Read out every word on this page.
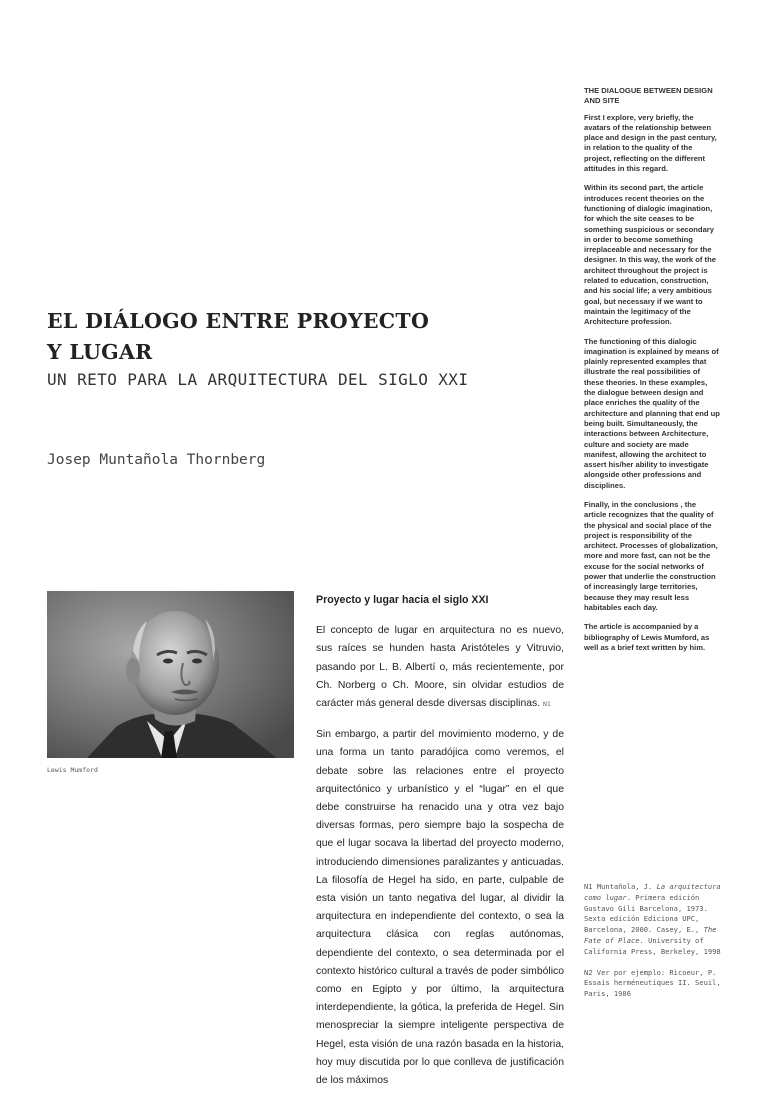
THE DIALOGUE BETWEEN DESIGN AND SITE

First I explore, very briefly, the avatars of the relationship between place and design in the past century, in relation to the quality of the project, reflecting on the different attitudes in this regard.

Within its second part, the article introduces recent theories on the functioning of dialogic imagination, for which the site ceases to be something suspicious or secondary in order to become something irreplaceable and necessary for the designer. In this way, the work of the architect throughout the project is related to education, construction, and his social life; a very ambitious goal, but necessary if we want to maintain the legitimacy of the Architecture profession.

The functioning of this dialogic imagination is explained by means of plainly represented examples that illustrate the real possibilities of these theories. In these examples, the dialogue between design and place enriches the quality of the architecture and planning that end up being built. Simultaneously, the interactions between Architecture, culture and society are made manifest, allowing the architect to assert his/her ability to investigate alongside other professions and disciplines.

Finally, in the conclusions , the article recognizes that the quality of the physical and social place of the project is responsibility of the architect. Processes of globalization, more and more fast, can not be the excuse for the social networks of power that underlie the construction of increasingly large territories, because they may result less habitables each day.

The article is accompanied by a bibliography of Lewis Mumford, as well as a brief text written by him.

EL DIÁLOGO ENTRE PROYECTO
Y LUGAR
UN RETO PARA LA ARQUITECTURA DEL SIGLO XXI
Josep Muntañola Thornberg
Lewis Mumford
Proyecto y lugar hacia el siglo XXI

El concepto de lugar en arquitectura no es nuevo, sus raíces se hunden hasta Aristóteles y Vitruvio, pasando por L. B. Albertí o, más recientemente, por Ch. Norberg o Ch. Moore, sin olvidar estudios de carácter más general desde diversas disciplinas. N1

Sin embargo, a partir del movimiento moderno, y de una forma un tanto paradójica como veremos, el debate sobre las relaciones entre el proyecto arquitectónico y urbanístico y el “lugar” en el que debe construirse ha renacido una y otra vez bajo diversas formas, pero siempre bajo la sospecha de que el lugar socava la libertad del proyecto moderno, introduciendo dimensiones paralizantes y anticuadas. La filosofía de Hegel ha sido, en parte, culpable de esta visión un tanto negativa del lugar, al dividir la arquitectura en independiente del contexto, o sea la arquitectura clásica con reglas autónomas, dependiente del contexto, o sea determinada por el contexto histórico cultural a través de poder simbólico como en Egipto y por último, la arquitectura interdependiente, la gótica, la preferida de Hegel. Sin menospreciar la siempre inteligente perspectiva de Hegel, esta visión de una razón basada en la historia, hoy muy discutida por lo que conlleva de justificación de los máximos

N1 Muntañola, J. La arquitectura como lugar. Primera edición Gustavo Gili Barcelona, 1973. Sexta edición Ediciona UPC, Barcelona, 2000. Casey, E., The Fate of Place. University of California Press, Berkeley, 1998

N2 Ver por ejemplo: Ricoeur, P. Essais herméneutiques II. Seuil, Paris, 1986
